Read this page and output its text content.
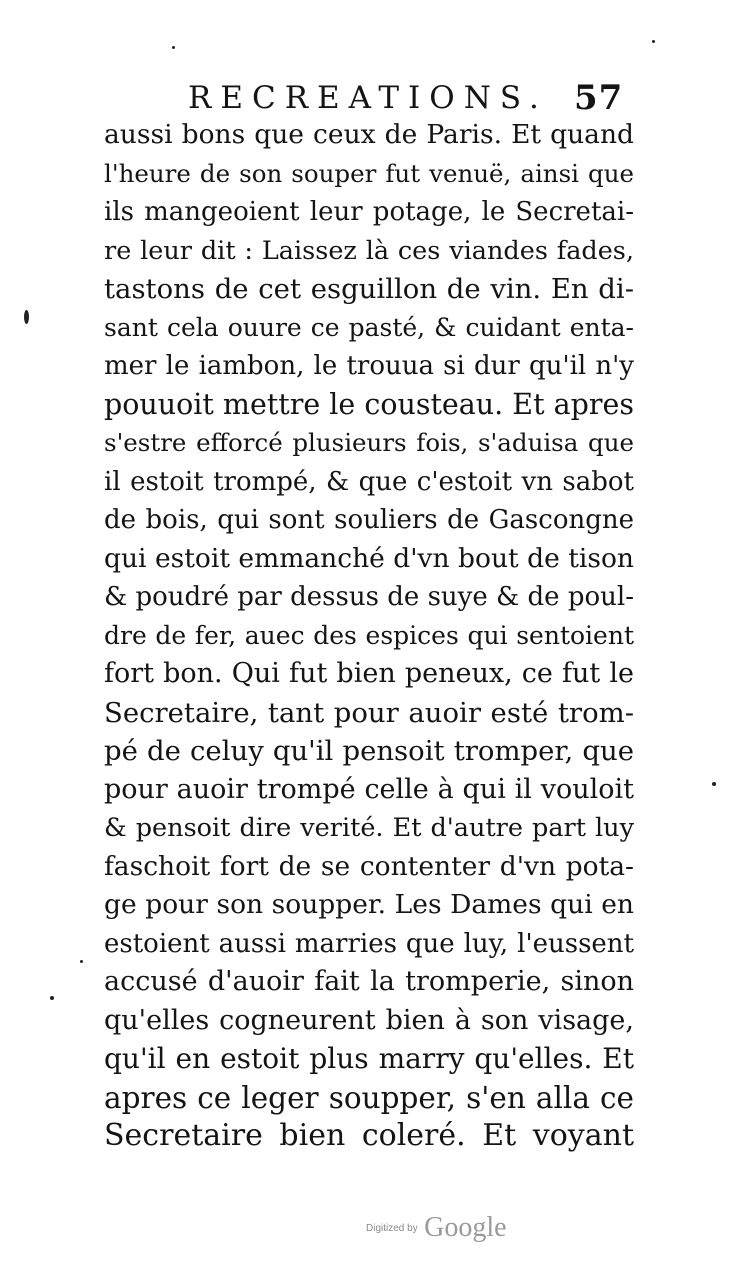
RECREATIONS. 57
aussi bons que ceux de Paris. Et quand
l'heure de son souper fut venuë, ainsi que
ils mangeoient leur potage, le Secretai-
re leur dit : Laissez là ces viandes fades,
tastons de cet esguillon de vin. En di-
sant cela ouure ce pasté, & cuidant enta-
mer le iambon, le trouua si dur qu'il n'y
pouuoit mettre le cousteau. Et apres
s'estre efforcé plusieurs fois, s'aduisa que
il estoit trompé, & que c'estoit vn sabot
de bois, qui sont souliers de Gascongne
qui estoit emmanché d'vn bout de tison
& poudré par dessus de suye & de poul-
dre de fer, auec des espices qui sentoient
fort bon. Qui fut bien peneux, ce fut le
Secretaire, tant pour auoir esté trom-
pé de celuy qu'il pensoit tromper, que
pour auoir trompé celle à qui il vouloit
& pensoit dire verité. Et d'autre part luy
faschoit fort de se contenter d'vn pota-
ge pour son soupper. Les Dames qui en
estoient aussi marries que luy, l'eussent
accusé d'auoir fait la tromperie, sinon
qu'elles cogneurent bien à son visage,
qu'il en estoit plus marry qu'elles. Et
apres ce leger soupper, s'en alla ce
Secretaire bien coleré. Et voyant
Digitized by Google
